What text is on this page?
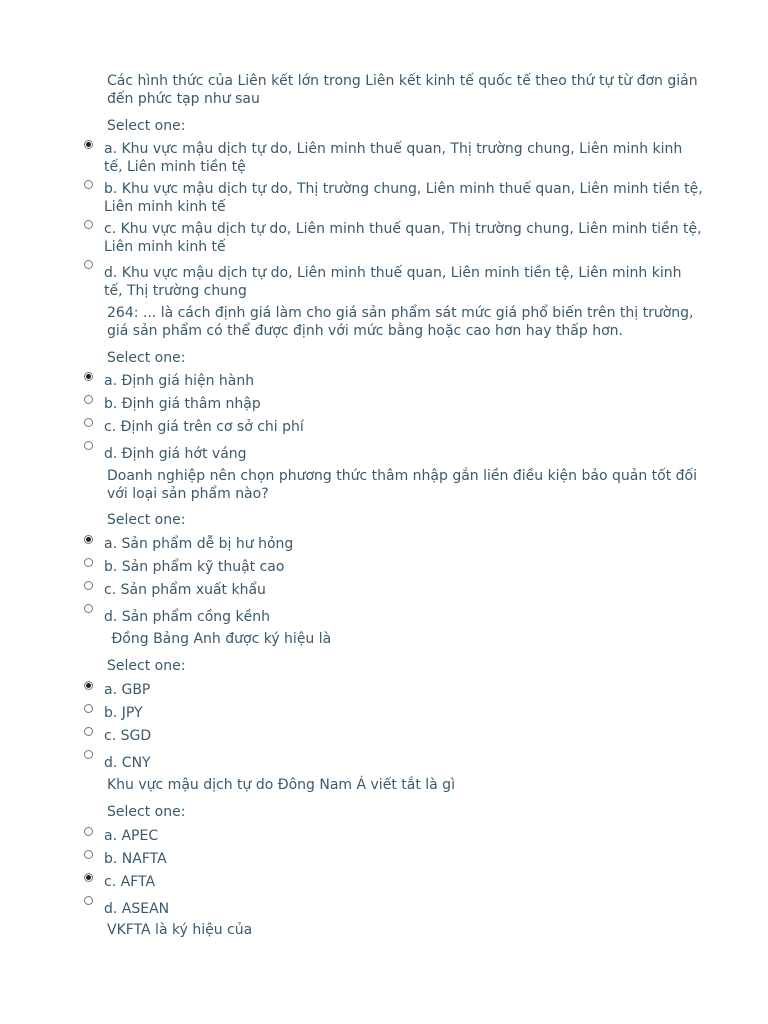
Các hình thức của Liên kết lớn trong Liên kết kinh tế quốc tế theo thứ tự từ đơn giản đến phức tạp như sau

Select one:
a. Khu vực mậu dịch tự do, Liên minh thuế quan, Thị trường chung, Liên minh kinh tế, Liên minh tiền tệ
b. Khu vực mậu dịch tự do, Thị trường chung, Liên minh thuế quan, Liên minh tiền tệ, Liên minh kinh tế
c. Khu vực mậu dịch tự do, Liên minh thuế quan, Thị trường chung, Liên minh tiền tệ, Liên minh kinh tế
d. Khu vực mậu dịch tự do, Liên minh thuế quan, Liên minh tiền tệ, Liên minh kinh tế, Thị trường chung

264: ... là cách định giá làm cho giá sản phẩm sát mức giá phổ biến trên thị trường, giá sản phẩm có thể được định với mức bằng hoặc cao hơn hay thấp hơn.

Select one:
a. Định giá hiện hành
b. Định giá thâm nhập
c. Định giá trên cơ sở chi phí
d. Định giá hớt váng

Doanh nghiệp nên chọn phương thức thâm nhập gắn liền điều kiện bảo quản tốt đối với loại sản phẩm nào?

Select one:
a. Sản phẩm dễ bị hư hỏng
b. Sản phẩm kỹ thuật cao
c. Sản phẩm xuất khẩu
d. Sản phẩm cồng kềnh

Đồng Bảng Anh được ký hiệu là

Select one:
a. GBP
b. JPY
c. SGD
d. CNY

Khu vực mậu dịch tự do Đông Nam Á viết tắt là gì

Select one:
a. APEC
b. NAFTA
c. AFTA
d. ASEAN

VKFTA là ký hiệu của
